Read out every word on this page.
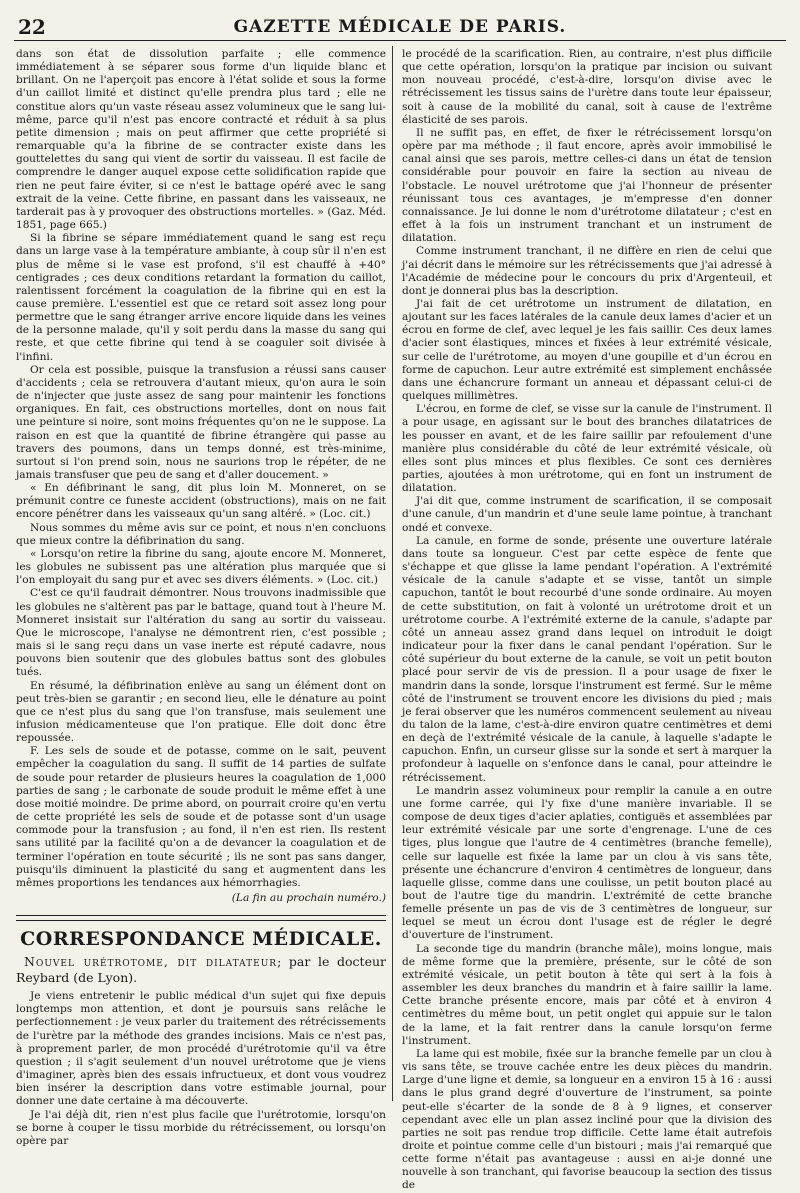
22	GAZETTE MÉDICALE DE PARIS.

dans son état de dissolution parfaite ; elle commence immédiatement à se séparer sous forme d'un liquide blanc et brillant. On ne l'aperçoit pas encore à l'état solide et sous la forme d'un caillot limité et distinct qu'elle prendra plus tard ; elle ne constitue alors qu'un vaste réseau assez volumineux que le sang lui-même, parce qu'il n'est pas encore contracté et réduit à sa plus petite dimension ; mais on peut affirmer que cette propriété si remarquable qu'a la fibrine de se contracter existe dans les gouttelettes du sang qui vient de sortir du vaisseau. Il est facile de comprendre le danger auquel expose cette solidification rapide que rien ne peut faire éviter, si ce n'est le battage opéré avec le sang extrait de la veine. Cette fibrine, en passant dans les vaisseaux, ne tarderait pas à y provoquer des obstructions mortelles. » (Gaz. Méd. 1851, page 665.)

Si la fibrine se sépare immédiatement quand le sang est reçu dans un large vase à la température ambiante, à coup sûr il n'en est plus de même si le vase est profond, s'il est chauffé à +40° centigrades ; ces deux conditions retardant la formation du caillot, ralentissent forcément la coagulation de la fibrine qui en est la cause première. L'essentiel est que ce retard soit assez long pour permettre que le sang étranger arrive encore liquide dans les veines de la personne malade, qu'il y soit perdu dans la masse du sang qui reste, et que cette fibrine qui tend à se coaguler soit divisée à l'infini.

Or cela est possible, puisque la transfusion a réussi sans causer d'accidents ; cela se retrouvera d'autant mieux, qu'on aura le soin de n'injecter que juste assez de sang pour maintenir les fonctions organiques. En fait, ces obstructions mortelles, dont on nous fait une peinture si noire, sont moins fréquentes qu'on ne le suppose. La raison en est que la quantité de fibrine étrangère qui passe au travers des poumons, dans un temps donné, est très-minime, surtout si l'on prend soin, nous ne saurions trop le répéter, de ne jamais transfuser que peu de sang et d'aller doucement. »

« En défibrinant le sang, dit plus loin M. Monneret, on se prémunit contre ce funeste accident (obstructions), mais on ne fait encore pénétrer dans les vaisseaux qu'un sang altéré. » (Loc. cit.)

Nous sommes du même avis sur ce point, et nous n'en concluons que mieux contre la défibrination du sang.

« Lorsqu'on retire la fibrine du sang, ajoute encore M. Monneret, les globules ne subissent pas une altération plus marquée que si l'on employait du sang pur et avec ses divers éléments. » (Loc. cit.)

C'est ce qu'il faudrait démontrer. Nous trouvons inadmissible que les globules ne s'altèrent pas par le battage, quand tout à l'heure M. Monneret insistait sur l'altération du sang au sortir du vaisseau. Que le microscope, l'analyse ne démontrent rien, c'est possible ; mais si le sang reçu dans un vase inerte est réputé cadavre, nous pouvons bien soutenir que des globules battus sont des globules tués.

En résumé, la défibrination enlève au sang un élément dont on peut très-bien se garantir ; en second lieu, elle le dénature au point que ce n'est plus du sang que l'on transfuse, mais seulement une infusion médicamenteuse que l'on pratique. Elle doit donc être repoussée.

F. Les sels de soude et de potasse, comme on le sait, peuvent empêcher la coagulation du sang. Il suffit de 14 parties de sulfate de soude pour retarder de plusieurs heures la coagulation de 1,000 parties de sang ; le carbonate de soude produit le même effet à une dose moitié moindre. De prime abord, on pourrait croire qu'en vertu de cette propriété les sels de soude et de potasse sont d'un usage commode pour la transfusion ; au fond, il n'en est rien. Ils restent sans utilité par la facilité qu'on a de devancer la coagulation et de terminer l'opération en toute sécurité ; ils ne sont pas sans danger, puisqu'ils diminuent la plasticité du sang et augmentent dans les mêmes proportions les tendances aux hémorrhagies.

(La fin au prochain numéro.)
CORRESPONDANCE MÉDICALE.
Nouvel urétrotome, dit dilatateur; par le docteur Reybard (de Lyon).

Je viens entretenir le public médical d'un sujet qui fixe depuis longtemps mon attention, et dont je poursuis sans relâche le perfectionnement : je veux parler du traitement des rétrécissements de l'urètre par la méthode des grandes incisions. Mais ce n'est pas, à proprement parler, de mon procédé d'urétrotomie qu'il va être question ; il s'agit seulement d'un nouvel urétrotome que je viens d'imaginer, après bien des essais infructueux, et dont vous voudrez bien insérer la description dans votre estimable journal, pour donner une date certaine à ma découverte.

Je l'ai déjà dit, rien n'est plus facile que l'urétrotomie, lorsqu'on se borne à couper le tissu morbide du rétrécissement, ou lorsqu'on opère par

le procédé de la scarification. Rien, au contraire, n'est plus difficile que cette opération, lorsqu'on la pratique par incision ou suivant mon nouveau procédé, c'est-à-dire, lorsqu'on divise avec le rétrécissement les tissus sains de l'urètre dans toute leur épaisseur, soit à cause de la mobilité du canal, soit à cause de l'extrême élasticité de ses parois.

Il ne suffit pas, en effet, de fixer le rétrécissement lorsqu'on opère par ma méthode ; il faut encore, après avoir immobilisé le canal ainsi que ses parois, mettre celles-ci dans un état de tension considérable pour pouvoir en faire la section au niveau de l'obstacle. Le nouvel urétrotome que j'ai l'honneur de présenter réunissant tous ces avantages, je m'empresse d'en donner connaissance. Je lui donne le nom d'urétrotome dilatateur ; c'est en effet à la fois un instrument tranchant et un instrument de dilatation.

Comme instrument tranchant, il ne diffère en rien de celui que j'ai décrit dans le mémoire sur les rétrécissements que j'ai adressé à l'Académie de médecine pour le concours du prix d'Argenteuil, et dont je donnerai plus bas la description.

J'ai fait de cet urétrotome un instrument de dilatation, en ajoutant sur les faces latérales de la canule deux lames d'acier et un écrou en forme de clef, avec lequel je les fais saillir. Ces deux lames d'acier sont élastiques, minces et fixées à leur extrémité vésicale, sur celle de l'urétrotome, au moyen d'une goupille et d'un écrou en forme de capuchon. Leur autre extrémité est simplement enchâssée dans une échancrure formant un anneau et dépassant celui-ci de quelques millimètres.

L'écrou, en forme de clef, se visse sur la canule de l'instrument. Il a pour usage, en agissant sur le bout des branches dilatatrices de les pousser en avant, et de les faire saillir par refoulement d'une manière plus considérable du côté de leur extrémité vésicale, où elles sont plus minces et plus flexibles. Ce sont ces dernières parties, ajoutées à mon urétrotome, qui en font un instrument de dilatation.

J'ai dit que, comme instrument de scarification, il se composait d'une canule, d'un mandrin et d'une seule lame pointue, à tranchant ondé et convexe.

La canule, en forme de sonde, présente une ouverture latérale dans toute sa longueur. C'est par cette espèce de fente que s'échappe et que glisse la lame pendant l'opération. A l'extrémité vésicale de la canule s'adapte et se visse, tantôt un simple capuchon, tantôt le bout recourbé d'une sonde ordinaire. Au moyen de cette substitution, on fait à volonté un urétrotome droit et un urétrotome courbe. A l'extrémité externe de la canule, s'adapte par côté un anneau assez grand dans lequel on introduit le doigt indicateur pour la fixer dans le canal pendant l'opération. Sur le côté supérieur du bout externe de la canule, se voit un petit bouton placé pour servir de vis de pression. Il a pour usage de fixer le mandrin dans la sonde, lorsque l'instrument est fermé. Sur le même côté de l'instrument se trouvent encore les divisions du pied ; mais je ferai observer que les numéros commencent seulement au niveau du talon de la lame, c'est-à-dire environ quatre centimètres et demi en deçà de l'extrémité vésicale de la canule, à laquelle s'adapte le capuchon. Enfin, un curseur glisse sur la sonde et sert à marquer la profondeur à laquelle on s'enfonce dans le canal, pour atteindre le rétrécissement.

Le mandrin assez volumineux pour remplir la canule a en outre une forme carrée, qui l'y fixe d'une manière invariable. Il se compose de deux tiges d'acier aplaties, contiguës et assemblées par leur extrémité vésicale par une sorte d'engrenage. L'une de ces tiges, plus longue que l'autre de 4 centimètres (branche femelle), celle sur laquelle est fixée la lame par un clou à vis sans tête, présente une échancrure d'environ 4 centimètres de longueur, dans laquelle glisse, comme dans une coulisse, un petit bouton placé au bout de l'autre tige du mandrin. L'extrémité de cette branche femelle présente un pas de vis de 3 centimètres de longueur, sur lequel se meut un écrou dont l'usage est de régler le degré d'ouverture de l'instrument.

La seconde tige du mandrin (branche mâle), moins longue, mais de même forme que la première, présente, sur le côté de son extrémité vésicale, un petit bouton à tête qui sert à la fois à assembler les deux branches du mandrin et à faire saillir la lame. Cette branche présente encore, mais par côté et à environ 4 centimètres du même bout, un petit onglet qui appuie sur le talon de la lame, et la fait rentrer dans la canule lorsqu'on ferme l'instrument.

La lame qui est mobile, fixée sur la branche femelle par un clou à vis sans tête, se trouve cachée entre les deux pièces du mandrin. Large d'une ligne et demie, sa longueur en a environ 15 à 16 : aussi dans le plus grand degré d'ouverture de l'instrument, sa pointe peut-elle s'écarter de la sonde de 8 à 9 lignes, et conserver cependant avec elle un plan assez incliné pour que la division des parties ne soit pas rendue trop difficile. Cette lame était autrefois droite et pointue comme celle d'un bistouri ; mais j'ai remarqué que cette forme n'était pas avantageuse : aussi en ai-je donné une nouvelle à son tranchant, qui favorise beaucoup la section des tissus de
